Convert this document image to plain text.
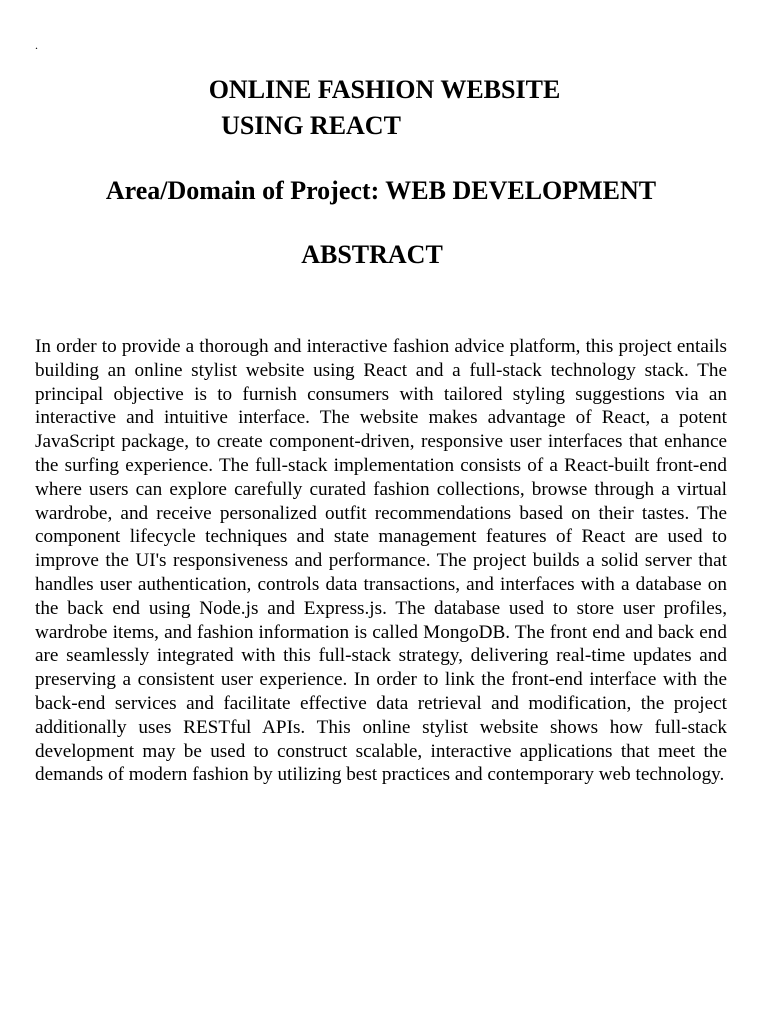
.

ONLINE FASHION WEBSITE

USING REACT

Area/Domain of Project: WEB DEVELOPMENT

ABSTRACT

In order to provide a thorough and interactive fashion advice platform, this project entails building an online stylist website using React and a full-stack technology stack. The principal objective is to furnish consumers with tailored styling suggestions via an interactive and intuitive interface. The website makes advantage of React, a potent JavaScript package, to create component-driven, responsive user interfaces that enhance the surfing experience. The full-stack implementation consists of a React-built front-end where users can explore carefully curated fashion collections, browse through a virtual wardrobe, and receive personalized outfit recommendations based on their tastes. The component lifecycle techniques and state management features of React are used to improve the UI's responsiveness and performance. The project builds a solid server that handles user authentication, controls data transactions, and interfaces with a database on the back end using Node.js and Express.js. The database used to store user profiles, wardrobe items, and fashion information is called MongoDB. The front end and back end are seamlessly integrated with this full-stack strategy, delivering real-time updates and preserving a consistent user experience. In order to link the front-end interface with the back-end services and facilitate effective data retrieval and modification, the project additionally uses RESTful APIs. This online stylist website shows how full-stack development may be used to construct scalable, interactive applications that meet the demands of modern fashion by utilizing best practices and contemporary web technology.
